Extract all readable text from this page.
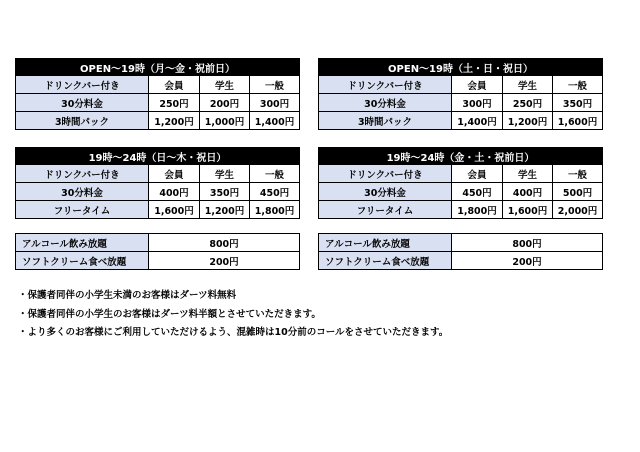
OPEN～19時（月～金・祝前日）			
ドリンクバー付き	会員	学生	一般
30分料金	250円	200円	300円
3時間パック	1,200円	1,000円	1,400円
OPEN～19時（土・日・祝日）			
ドリンクバー付き	会員	学生	一般
30分料金	300円	250円	350円
3時間パック	1,400円	1,200円	1,600円
19時～24時（日～木・祝日）			
ドリンクバー付き	会員	学生	一般
30分料金	400円	350円	450円
フリータイム	1,600円	1,200円	1,800円
19時～24時（金・土・祝前日）			
ドリンクバー付き	会員	学生	一般
30分料金	450円	400円	500円
フリータイム	1,800円	1,600円	2,000円
アルコール飲み放題	800円
ソフトクリーム食べ放題	200円
アルコール飲み放題	800円
ソフトクリーム食べ放題	200円
・保護者同伴の小学生未満のお客様はダーツ料無料
・保護者同伴の小学生のお客様はダーツ料半額とさせていただきます。
・より多くのお客様にご利用していただけるよう、混雑時は10分前のコールをさせていただきます。
